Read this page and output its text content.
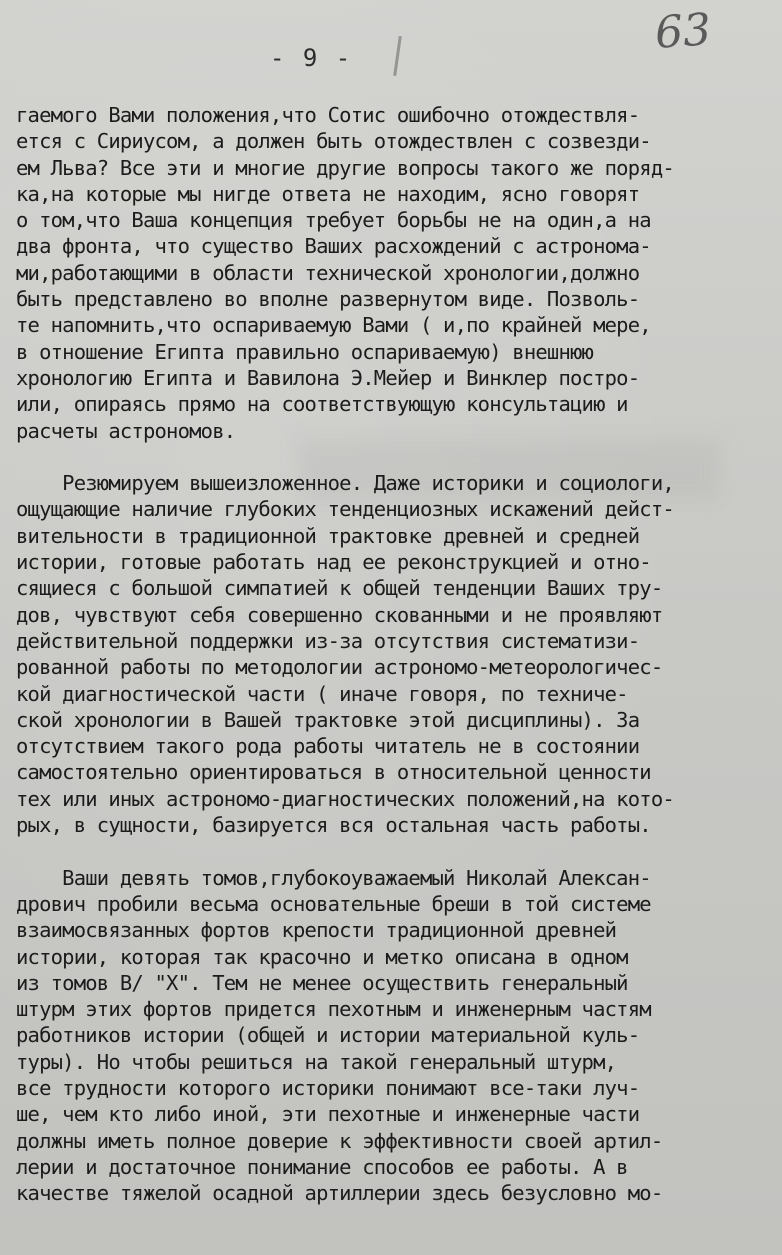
- 9 -	63
гаемого Вами положения,что Сотис ошибочно отождествля-
ется с Сириусом, а должен быть отождествлен с созвезди-
ем Льва? Все эти и многие другие вопросы такого же поряд-
ка,на которые мы нигде ответа не находим, ясно говорят
о том,что Ваша концепция требует борьбы не на один,а на
два фронта, что существо Ваших расхождений с астронома-
ми,работающими в области технической хронологии,должно
быть представлено во вполне развернутом виде. Позволь-
те напомнить,что оспариваемую Вами ( и,по крайней мере,
в отношение Египта правильно оспариваемую) внешнюю
хронологию Египта и Вавилона Э.Мейер и Винклер постро-
или, опираясь прямо на соответствующую консультацию и
расчеты астрономов.
Резюмируем вышеизложенное. Даже историки и социологи,
ощущающие наличие глубоких тенденциозных искажений дейст-
вительности в традиционной трактовке древней и средней
истории, готовые работать над ее реконструкцией и отно-
сящиеся с большой симпатией к общей тенденции Ваших тру-
дов, чувствуют себя совершенно скованными и не проявляют
действительной поддержки из-за отсутствия систематизи-
рованной работы по методологии астрономо-метеорологичес-
кой диагностической части ( иначе говоря, по техниче-
ской хронологии в Вашей трактовке этой дисциплины). За
отсутствием такого рода работы читатель не в состоянии
самостоятельно ориентироваться в относительной ценности
тех или иных астрономо-диагностических положений,на кото-
рых, в сущности, базируется вся остальная часть работы.
Ваши девять томов,глубокоуважаемый Николай Алексан-
дрович пробили весьма основательные бреши в той системе
взаимосвязанных фортов крепости традиционной древней
истории, которая так красочно и метко описана в одном
из томов В/ "Х". Тем не менее осуществить генеральный
штурм этих фортов придется пехотным и инженерным частям
работников истории (общей и истории материальной куль-
туры). Но чтобы решиться на такой генеральный штурм,
все трудности которого историки понимают все-таки луч-
ше, чем кто либо иной, эти пехотные и инженерные части
должны иметь полное доверие к эффективности своей артил-
лерии и достаточное понимание способов ее работы. А в
качестве тяжелой осадной артиллерии здесь безусловно мо-
